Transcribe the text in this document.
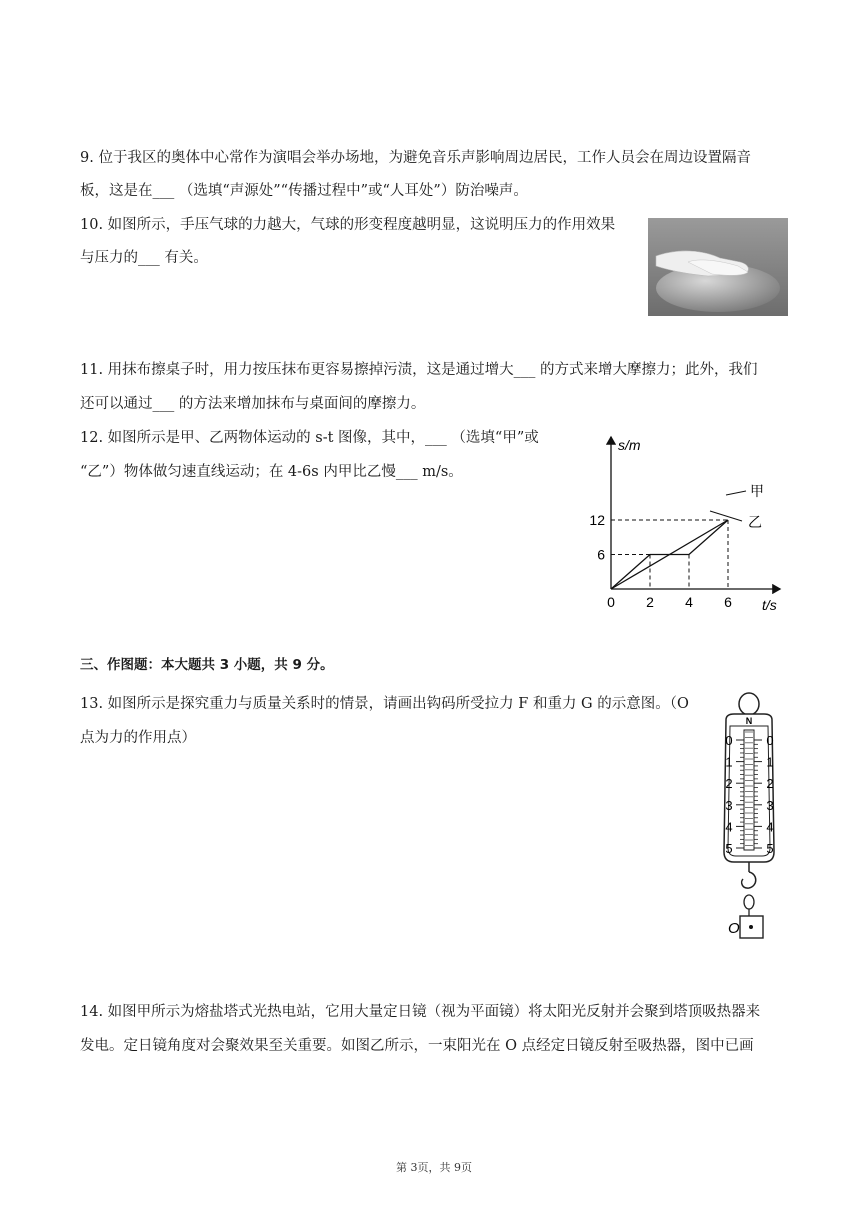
9. 位于我区的奥体中心常作为演唱会举办场地，为避免音乐声影响周边居民，工作人员会在周边设置隔音
板，这是在___ （选填“声源处”“传播过程中”或“人耳处”）防治噪声。
10. 如图所示，手压气球的力越大，气球的形变程度越明显，这说明压力的作用效果
与压力的___ 有关。
11. 用抹布擦桌子时，用力按压抹布更容易擦掉污渍，这是通过增大___ 的方式来增大摩擦力；此外，我们
还可以通过___ 的方法来增加抹布与桌面间的摩擦力。
12. 如图所示是甲、乙两物体运动的 s-t 图像，其中，___ （选填“甲”或
“乙”）物体做匀速直线运动；在 4-6s 内甲比乙慢___ m/s。
0 2 4 6
6
12
s/m
t/s
甲
乙
三、作图题：本大题共 3 小题，共 9 分。
13. 如图所示是探究重力与质量关系时的情景，请画出钩码所受拉力 F 和重力 G 的示意图。（O
点为力的作用点）
N
0
1
2
3
4
5
0
1
2
3
4
5
O
14. 如图甲所示为熔盐塔式光热电站，它用大量定日镜（视为平面镜）将太阳光反射并会聚到塔顶吸热器来
发电。定日镜角度对会聚效果至关重要。如图乙所示，一束阳光在 O 点经定日镜反射至吸热器，图中已画
第 3页，共 9页
